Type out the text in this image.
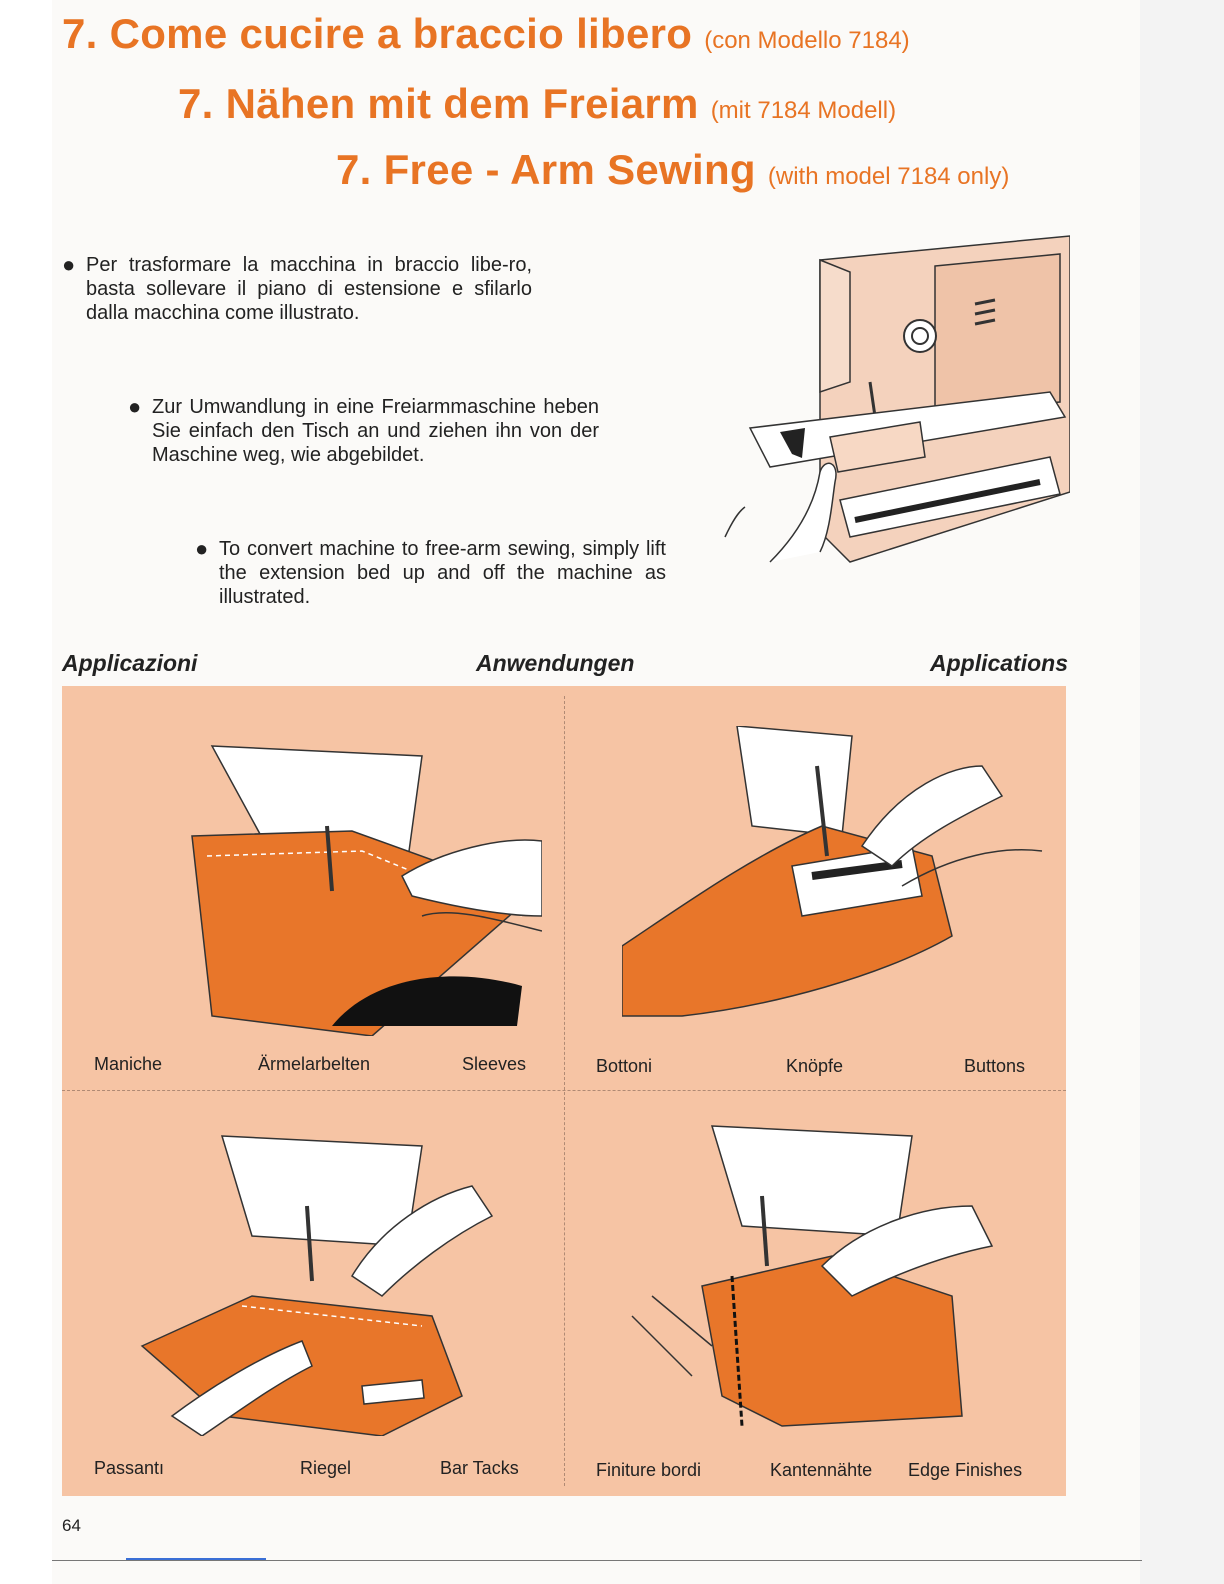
7. Come cucire a braccio libero (con Modello 7184)
7. Nähen mit dem Freiarm (mit 7184 Modell)
7. Free - Arm Sewing (with model 7184 only)
● Per trasformare la macchina in braccio libe-ro, basta sollevare il piano di estensione e sfilarlo dalla macchina come illustrato.
● Zur Umwandlung in eine Freiarmmaschine heben Sie einfach den Tisch an und ziehen ihn von der Maschine weg, wie abgebildet.
● To convert machine to free-arm sewing, simply lift the extension bed up and off the machine as illustrated.
Applicazioni	Anwendungen	Applications
Maniche	Ärmelarbelten	Sleeves	Bottoni	Knöpfe	Buttons
Passantı	Riegel	Bar Tacks	Finiture bordi	Kantennähte Edge Finishes
64
